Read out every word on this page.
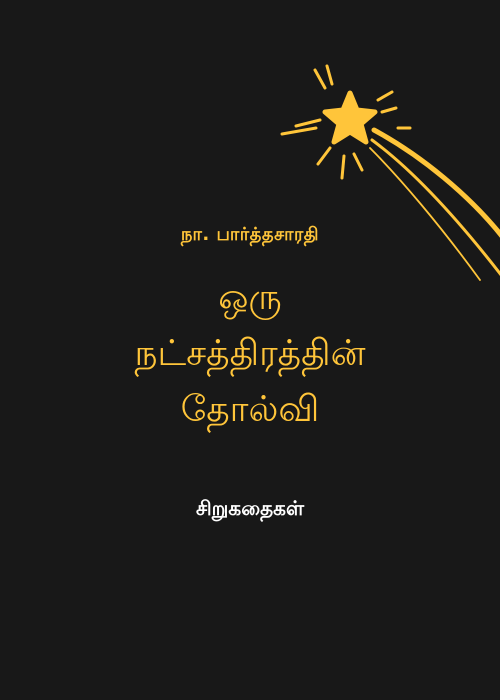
நா. பார்த்தசாரதி
ஒரு
நட்சத்திரத்தின்
தோல்வி
சிறுகதைகள்
